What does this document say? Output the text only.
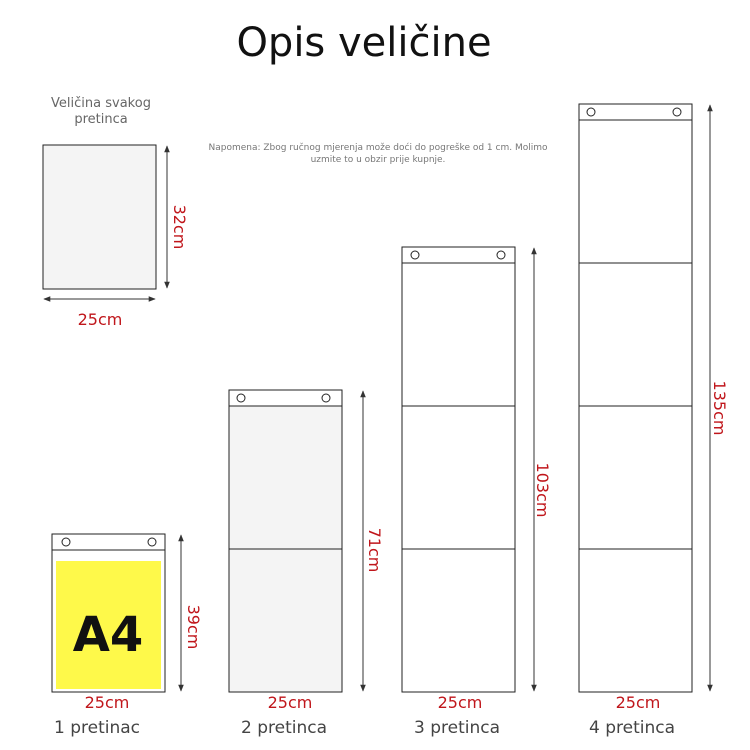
Opis veličine
Veličina svakog
pretinca
Napomena: Zbog ručnog mjerenja može doći do pogreške od 1 cm. Molimo uzmite to u obzir prije kupnje.
25cm
32cm
A4	39cm
25cm
71cm
25cm
103cm
25cm
135cm
25cm
1 pretinac	2 pretinca	3 pretinca	4 pretinca
